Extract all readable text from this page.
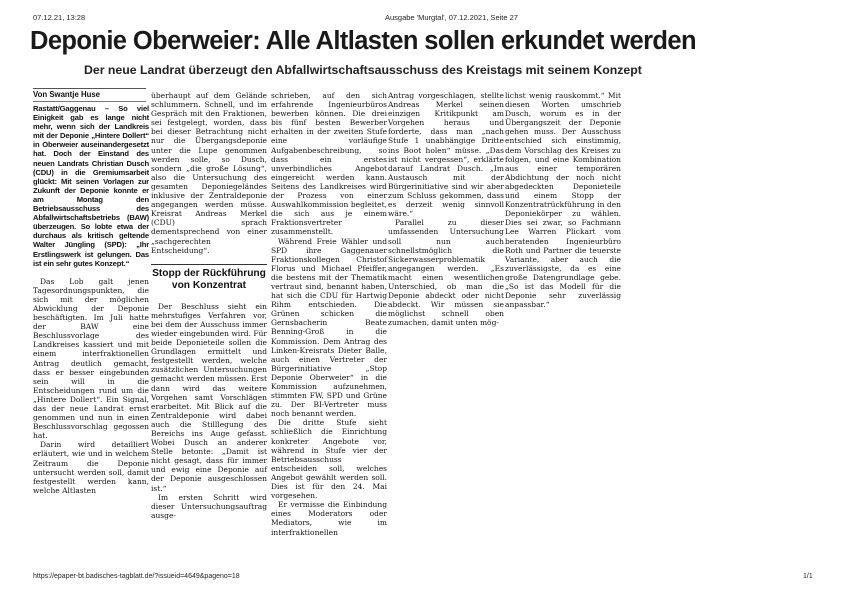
07.12.21, 13:28	Ausgabe 'Murgtal', 07.12.2021, Seite 27
Deponie Oberweier: Alle Altlasten sollen erkundet werden
Der neue Landrat überzeugt den Abfallwirtschaftsausschuss des Kreistags mit seinem Konzept
Von Swantje Huse

Rastatt/Gaggenau – So viel Einigkeit gab es lange nicht mehr, wenn sich der Landkreis mit der Deponie „Hintere Dollert“ in Oberweier auseinandergesetzt hat. Doch der Einstand des neuen Landrats Christian Dusch (CDU) in die Gremiumsarbeit glückt: Mit seinen Vorlagen zur Zukunft der Deponie konnte er am Montag den Betriebsausschuss des Abfallwirtschaftsbetriebs (BAW) überzeugen. So lobte etwa der durchaus als kritisch geltende Walter Jüngling (SPD): „Ihr Erstlingswerk ist gelungen. Das ist ein sehr gutes Konzept.“

Das Lob galt jenen Tagesordnungspunkten, die sich mit der möglichen Abwicklung der Deponie beschäftigten. Im Juli hatte der BAW eine Beschlussvorlage des Landkreises kassiert und mit einem interfraktionellen Antrag deutlich gemacht, dass er besser eingebunden sein will in die Entscheidungen rund um die „Hintere Dollert“. Ein Signal, das der neue Landrat ernst genommen und nun in einen Beschlussvorschlag gegossen hat.

Darin wird detailliert erläutert, wie und in welchem Zeitraum die Deponie untersucht werden soll, damit festgestellt werden kann, welche Altlasten

überhaupt auf dem Gelände schlummern. Schnell, und im Gespräch mit den Fraktionen, sei festgelegt, worden, dass bei dieser Betrachtung nicht nur die Übergangsdeponie unter die Lupe genommen werden solle, so Dusch, sondern „die große Lösung“, also die Untersuchung des gesamten Deponiegeländes inklusive der Zentraldeponie angegangen werden müsse. Kreisrat Andreas Merkel (CDU) sprach dementsprechend von einer „sachgerechten Entscheidung“.

Stopp der Rückführung von Konzentrat

Der Beschluss sieht ein mehrstufiges Verfahren vor, bei dem der Ausschuss immer wieder eingebunden wird. Für beide Deponieteile sollen die Grundlagen ermittelt und festgestellt werden, welche zusätzlichen Untersuchungen gemacht werden müssen. Erst dann wird das weitere Vorgehen samt Vorschlägen erarbeitet. Mit Blick auf die Zentraldeponie wird dabei auch die Stilllegung des Bereichs ins Auge gefasst. Wobei Dusch an anderer Stelle betonte: „Damit ist nicht gesagt, dass für immer und ewig eine Deponie auf der Deponie ausgeschlossen ist.“

Im ersten Schritt wird dieser Untersuchungsauftrag ausge-

schrieben, auf den sich erfahrende Ingenieurbüros bewerben können. Die drei bis fünf besten Bewerber erhalten in der zweiten Stufe eine vorläufige Aufgabenbeschreibung, so dass ein erstes unverbindliches Angebot eingereicht werden kann. Seitens des Landkreises wird der Prozess von einer Auswahlkommission begleitet, die sich aus je einem Fraktionsvertreter zusammenstellt.

Während Freie Wähler und SPD ihre Gaggenauer Fraktionskollegen Christof Florus und Michael Pfeiffer, die bestens mit der Thematik vertraut sind, benannt haben, hat sich die CDU für Hartwig Rihm entschieden. Die Grünen schicken die Gernsbacherin Beate Benning-Groß in die Kommission. Dem Antrag des Linken-Kreisrats Dieter Balle, auch einen Vertreter der Bürgerinitiative „Stop Deponie Oberweier“ in die Kommission aufzunehmen, stimmten FW, SPD und Grüne zu. Der BI-Vertreter muss noch benannt werden.

Die dritte Stufe sieht schließlich die Einrichtung konkreter Angebote vor, während in Stufe vier der Betriebsausschuss entscheiden soll, welches Angebot gewählt werden soll. Dies ist für den 24. Mai vorgesehen.

Er vermisse die Einbindung eines Moderators oder Mediators, wie im interfraktionellen

Antrag vorgeschlagen, stellte Andreas Merkel seinen einzigen Kritikpunkt am Vorgehen heraus und forderte, dass man „nach Stufe 1 unabhängige Dritte ins Boot holen“ müsse. „Das ist nicht vergessen“, erklärte darauf Landrat Dusch. „Im Austausch mit der Bürgerinitiative sind wir aber zum Schluss gekommen, dass es derzeit wenig sinnvoll wäre.“

Parallel zu dieser umfassenden Untersuchung soll nun auch schnellstmöglich die Sickerwasserproblematik angegangen werden. „Es macht einen wesentlichen Unterschied, ob man die Deponie abdeckt oder nicht abdeckt. Wir müssen sie möglichst schnell oben zumachen, damit unten mög-

lichst wenig rauskommt.“ Mit diesen Worten umschrieb Dusch, worum es in der Übergangszeit der Deponie gehen muss. Der Ausschuss entschied sich einstimmig, dem Vorschlag des Kreises zu folgen, und eine Kombination aus einer temporären Abdichtung der noch nicht abgedeckten Deponieteile und einem Stopp der Konzentratrückführung in den Deponiekörper zu wählen. Dies sei zwar, so Fachmann Lee Warren Plickart vom beratenden Ingenieurbüro Roth und Partner die teuerste Variante, aber auch die zuverlässigste, da es eine große Datengrundlage gebe. „So ist das Modell für die Deponie sehr zuverlässig anpassbar.“

https://epaper-bt.badisches-tagblatt.de/?issueid=4649&pageno=18	1/1
